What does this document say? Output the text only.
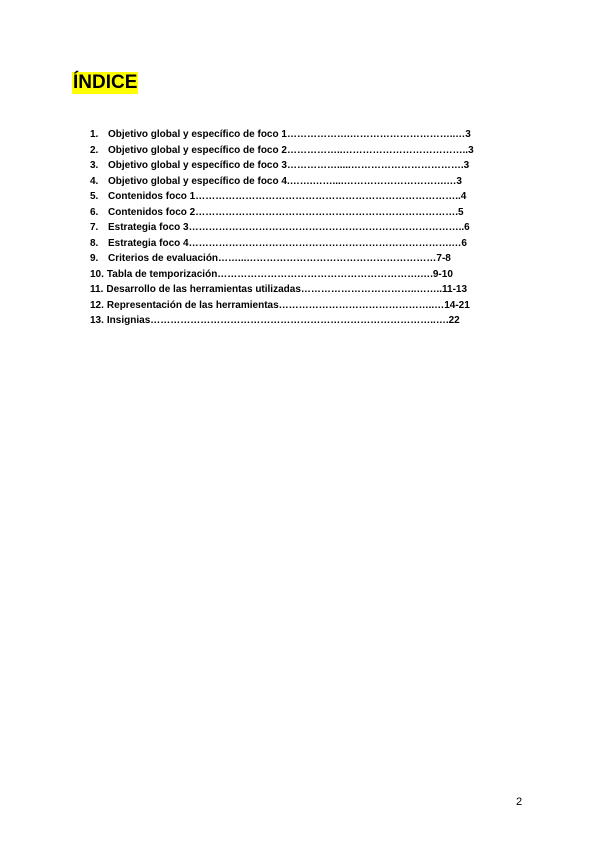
ÍNDICE
1. Objetivo global y específico de foco 1……………….…………………………..…3
2. Objetivo global y específico de foco 2……………..………………………………..3
3. Objetivo global y específico de foco 3…………….....…………………………….3
4. Objetivo global y específico de foco 4.…….……....………………………….…3
5. Contenidos foco 1……………………………………………………………………..4
6. Contenidos foco 2…………………………………………………………………….5
7. Estrategia foco 3………………………………………………………………………..6
8. Estrategia foco 4…………………………………………………………………….…6
9. Criterios de evaluación……...…………………………………………………7-8
10. Tabla de temporización…………………………………………………….….9-10
11. Desarrollo de las herramientas utilizadas……………………………..……..11-13
12. Representación de las herramientas………………………………………..…14-21
13. Insignias…………………………………………………………………………..….22
2
